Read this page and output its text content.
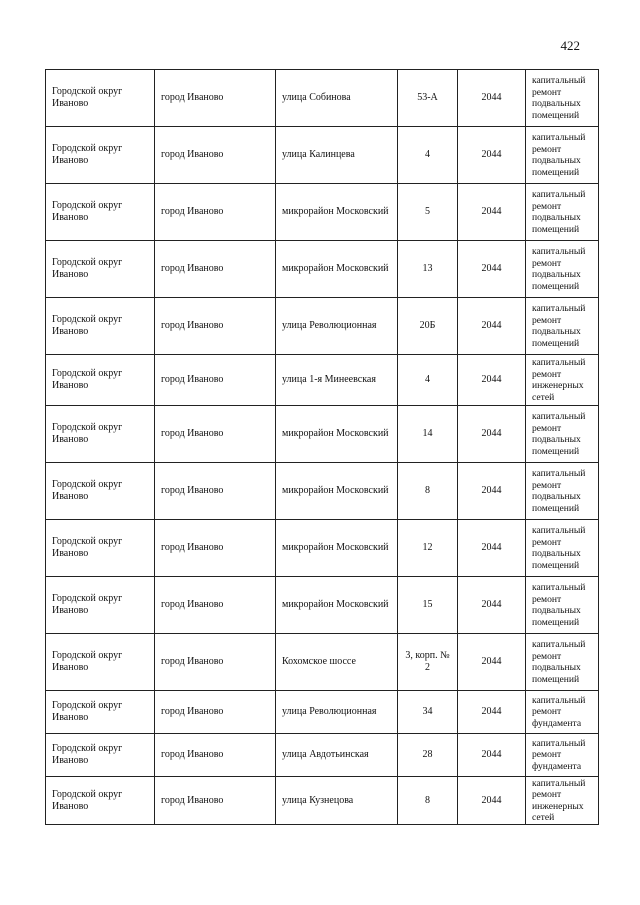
422
Городской округ Иваново	город Иваново	улица Собинова	53-А	2044	капитальный ремонт подвальных помещений
Городской округ Иваново	город Иваново	улица Калинцева	4	2044	капитальный ремонт подвальных помещений
Городской округ Иваново	город Иваново	микрорайон Московский	5	2044	капитальный ремонт подвальных помещений
Городской округ Иваново	город Иваново	микрорайон Московский	13	2044	капитальный ремонт подвальных помещений
Городской округ Иваново	город Иваново	улица Революционная	20Б	2044	капитальный ремонт подвальных помещений
Городской округ Иваново	город Иваново	улица 1-я Минеевская	4	2044	капитальный ремонт инженерных сетей
Городской округ Иваново	город Иваново	микрорайон Московский	14	2044	капитальный ремонт подвальных помещений
Городской округ Иваново	город Иваново	микрорайон Московский	8	2044	капитальный ремонт подвальных помещений
Городской округ Иваново	город Иваново	микрорайон Московский	12	2044	капитальный ремонт подвальных помещений
Городской округ Иваново	город Иваново	микрорайон Московский	15	2044	капитальный ремонт подвальных помещений
Городской округ Иваново	город Иваново	Кохомское шоссе	3, корп. № 2	2044	капитальный ремонт подвальных помещений
Городской округ Иваново	город Иваново	улица Революционная	34	2044	капитальный ремонт фундамента
Городской округ Иваново	город Иваново	улица Авдотьинская	28	2044	капитальный ремонт фундамента
Городской округ Иваново	город Иваново	улица Кузнецова	8	2044	капитальный ремонт инженерных сетей
